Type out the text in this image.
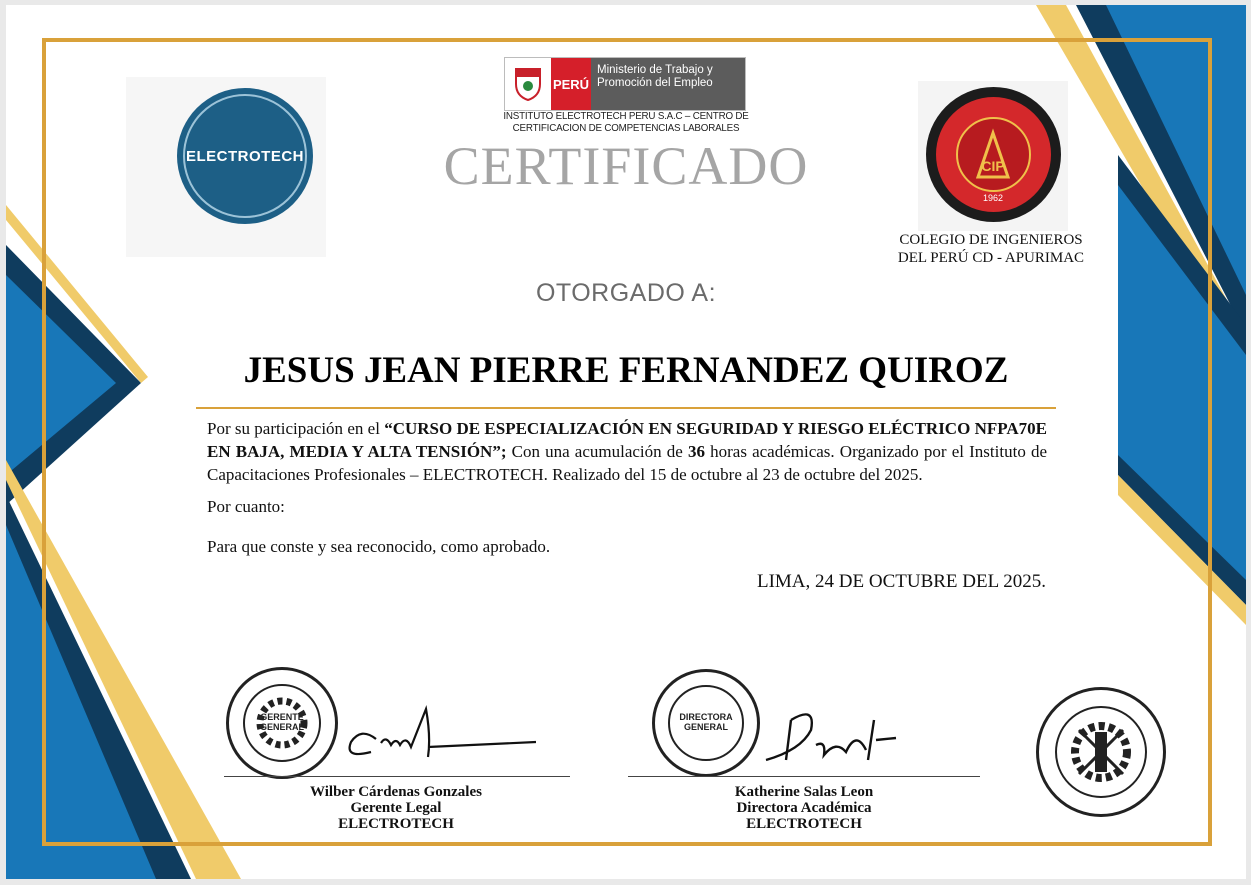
ELECTROTECH
PERÚ
Ministerio de Trabajo y Promoción del Empleo
INSTITUTO ELECTROTECH PERU S.A.C – CENTRO DE CERTIFICACION DE COMPETENCIAS LABORALES
CERTIFICADO	CIP
1962
COLEGIO DE INGENIEROS
DEL PERÚ CD - APURIMAC
OTORGADO A:
JESUS JEAN PIERRE FERNANDEZ QUIROZ
Por su participación en el “CURSO DE ESPECIALIZACIÓN EN SEGURIDAD Y RIESGO ELÉCTRICO NFPA70E EN BAJA, MEDIA Y ALTA TENSIÓN”; Con una acumulación de 36 horas académicas. Organizado por el Instituto de Capacitaciones Profesionales – ELECTROTECH. Realizado del 15 de octubre al 23 de octubre del 2025.
Por cuanto:
Para que conste y sea reconocido, como aprobado.
LIMA, 24 DE OCTUBRE DEL 2025.
GERENTE
GENERAL
Wilber Cárdenas Gonzales
Gerente Legal
ELECTROTECH
DIRECTORA
GENERAL
Katherine Salas Leon
Directora Académica
ELECTROTECH
